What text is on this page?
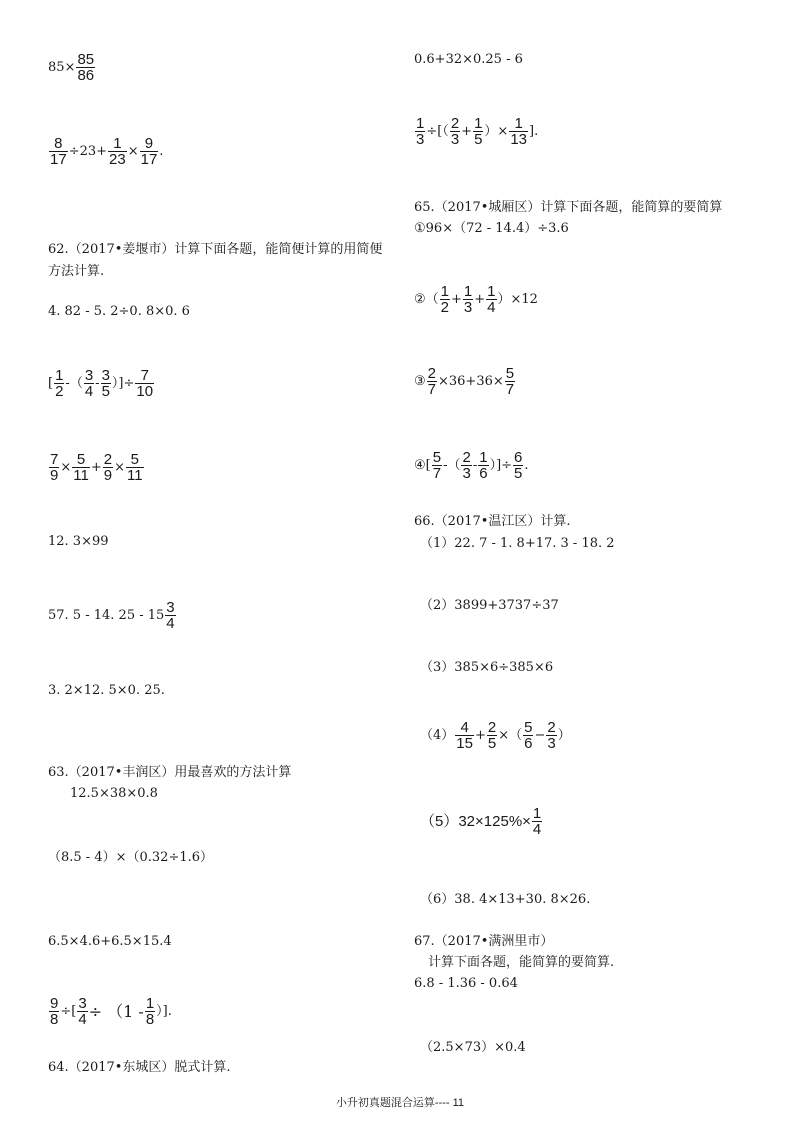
$85\times \frac{85}{86}$
$\frac{8}{17} \div 23+ \frac{1}{23} \times \frac{9}{17}$ .
62.（2017•姜堰市）计算下面各题，能简便计算的用简便
方法计算.
4. 82 - 5. 2÷0. 8×0. 6
[ $\frac{1}{2}$ -（ $\frac{3}{4} - \frac{3}{5}$ ）]÷ $\frac{7}{10}$
$\frac{7}{9} \times \frac{5}{11} + \frac{2}{9} \times \frac{5}{11}$
12. 3×99
57. 5 - 14. $25 - 15 \frac{3}{4}$
3. 2×12. 5×0. 25.
63.（2017•丰润区）用最喜欢的方法计算
12.5×38×0.8
（8.5 - 4）×（0.32÷1.6）
6.5×4.6+6.5×15.4
$\frac{9}{8}$ ÷[ $\frac{3}{4} \div (1 - \frac{1}{8}$ ）].
64.（2017•东城区）脱式计算.
0.6+32×0.25 - 6
$\frac{1}{3}$ ÷[（ $\frac{2}{3} + \frac{1}{5}$ ）× $\frac{1}{13}$ ].
65.（2017•城厢区）计算下面各题，能简算的要简算
①96×（72 - 14.4）÷3.6
②（ $\frac{1}{2} + \frac{1}{3} + \frac{1}{4} )\times 12$
③ $\frac{2}{7} \times 36+36\times \frac{5}{7}$
④[ $\frac{5}{7}$ -（ $\frac{2}{3} - \frac{1}{6}$ ）]÷ $\frac{6}{5}$ .
66.（2017•温江区）计算.
（1）22. 7 - 1. 8+17. 3 - 18. 2
（2）3899+3737÷37
（3）385×6÷385×6
$(4) \frac{4}{15} + \frac{2}{5}$ ×（ $\frac{5}{6} - \frac{2}{3}$ ）
$(5)32\times 125\%\times \frac{1}{4}$
（6）38. 4×13+30. 8×26.
67.（2017•满洲里市）
计算下面各题，能简算的要简算.
6.8 - 1.36 - 0.64
（2.5×73）×0.4
小升初真题混合运算---- 11
